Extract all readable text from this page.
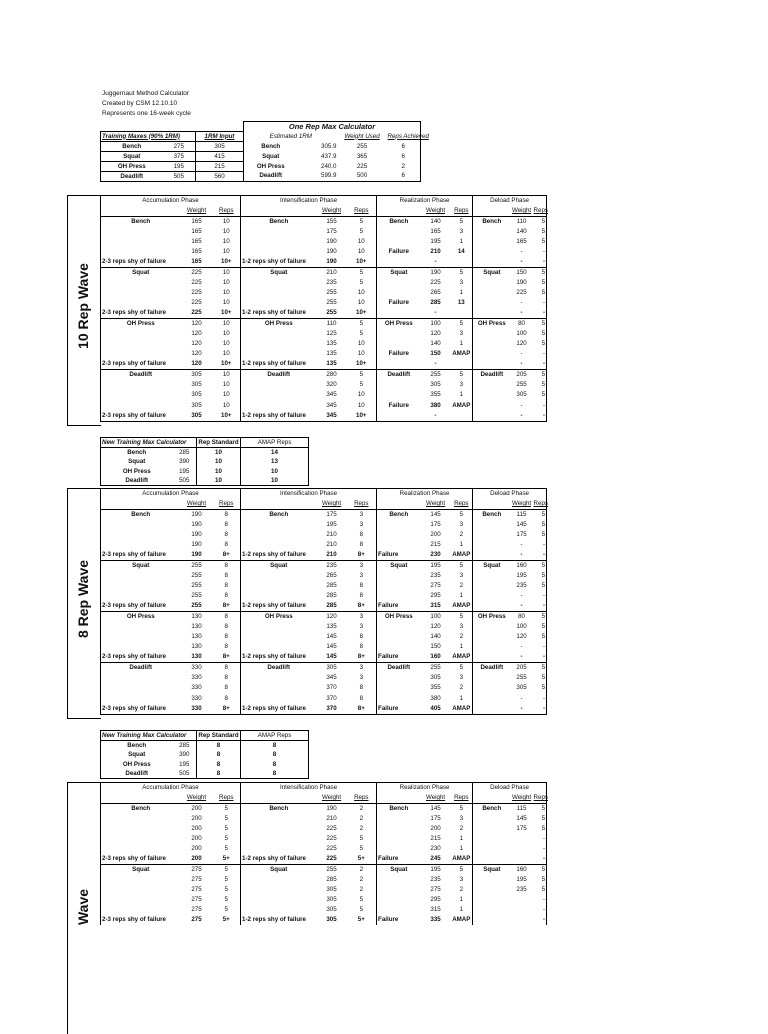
Juggernaut Method Calculator
Created by CSM 12.10.10
Represents one 16-week cycle
			One Rep Max Calculator			
Training Maxes (90% 1RM)		1RM Input	Estimated 1RM		Weight Used	Reps Achieved
Bench	275	305	Bench	305.9	255	6
Squat	375	415	Squat	437.9	365	6
OH Press	195	215	OH Press	240.0	225	2
Deadlift	505	560	Deadlift	599.9	500	6
10 Rep Wave
Accumulation Phase			Intensification Phase			Realization Phase			Deload Phase		
	Weight	Reps		Weight	Reps		Weight	Reps		Weight	Reps
Bench	165	10	Bench	155	5	Bench	140	5	Bench	110	5
	165	10		175	5		165	3		140	5
	165	10		190	10		195	1		165	5
	165	10		190	10	Failure	210	14		-	-
2-3 reps shy of failure	165	10+	1-2 reps shy of failure	190	10+		-			-	-
Squat	225	10	Squat	210	5	Squat	190	5	Squat	150	5
	225	10		235	5		225	3		190	5
	225	10		255	10		265	1		225	5
	225	10		255	10	Failure	285	13		-	-
2-3 reps shy of failure	225	10+	1-2 reps shy of failure	255	10+		-			-	-
OH Press	120	10	OH Press	110	5	OH Press	100	5	OH Press	80	5
	120	10		125	5		120	3		100	5
	120	10		135	10		140	1		120	5
	120	10		135	10	Failure	150	AMAP		-	-
2-3 reps shy of failure	120	10+	1-2 reps shy of failure	135	10+		-			-	-
Deadlift	305	10	Deadlift	280	5	Deadlift	255	5	Deadlift	205	5
	305	10		320	5		305	3		255	5
	305	10		345	10		355	1		305	5
	305	10		345	10	Failure	380	AMAP		-	-
2-3 reps shy of failure	305	10+	1-2 reps shy of failure	345	10+		-			-	-
New Training Max Calculator		Rep Standard	AMAP Reps
Bench	285	10	14
Squat	390	10	13
OH Press	195	10	10
Deadlift	505	10	10
8 Rep Wave
Accumulation Phase			Intensification Phase			Realization Phase			Deload Phase		
	Weight	Reps		Weight	Reps		Weight	Reps		Weight	Reps
Bench	190	8	Bench	175	3	Bench	145	5	Bench	115	5
	190	8		195	3		175	3		145	5
	190	8		210	8		200	2		175	5
	190	8		210	8		215	1		-	-
2-3 reps shy of failure	190	8+	1-2 reps shy of failure	210	8+	Failure	230	AMAP		-	-
Squat	255	8	Squat	235	3	Squat	195	5	Squat	160	5
	255	8		265	3		235	3		195	5
	255	8		285	8		275	2		235	5
	255	8		285	8		295	1		-	-
2-3 reps shy of failure	255	8+	1-2 reps shy of failure	285	8+	Failure	315	AMAP		-	-
OH Press	130	8	OH Press	120	3	OH Press	100	5	OH Press	80	5
	130	8		135	3		120	3		100	5
	130	8		145	8		140	2		120	5
	130	8		145	8		150	1		-	-
2-3 reps shy of failure	130	8+	1-2 reps shy of failure	145	8+	Failure	160	AMAP		-	-
Deadlift	330	8	Deadlift	305	3	Deadlift	255	5	Deadlift	205	5
	330	8		345	3		305	3		255	5
	330	8		370	8		355	2		305	5
	330	8		370	8		380	1		-	-
2-3 reps shy of failure	330	8+	1-2 reps shy of failure	370	8+	Failure	405	AMAP		-	-
New Training Max Calculator		Rep Standard	AMAP Reps
Bench	285	8	8
Squat	390	8	8
OH Press	195	8	8
Deadlift	505	8	8
Wave
Accumulation Phase			Intensification Phase			Realization Phase			Deload Phase		
	Weight	Reps		Weight	Reps		Weight	Reps		Weight	Reps
Bench	200	5	Bench	190	2	Bench	145	5	Bench	115	5
	200	5		210	2		175	3		145	5
	200	5		225	2		200	2		175	5
	200	5		225	5		215	1			-
	200	5		225	5		230	1			-
2-3 reps shy of failure	200	5+	1-2 reps shy of failure	225	5+	Failure	245	AMAP			-
Squat	275	5	Squat	255	2	Squat	195	5	Squat	160	5
	275	5		285	2		235	3		195	5
	275	5		305	2		275	2		235	5
	275	5		305	5		295	1			-
	275	5		305	5		315	1			-
2-3 reps shy of failure	275	5+	1-2 reps shy of failure	305	5+	Failure	335	AMAP			-
